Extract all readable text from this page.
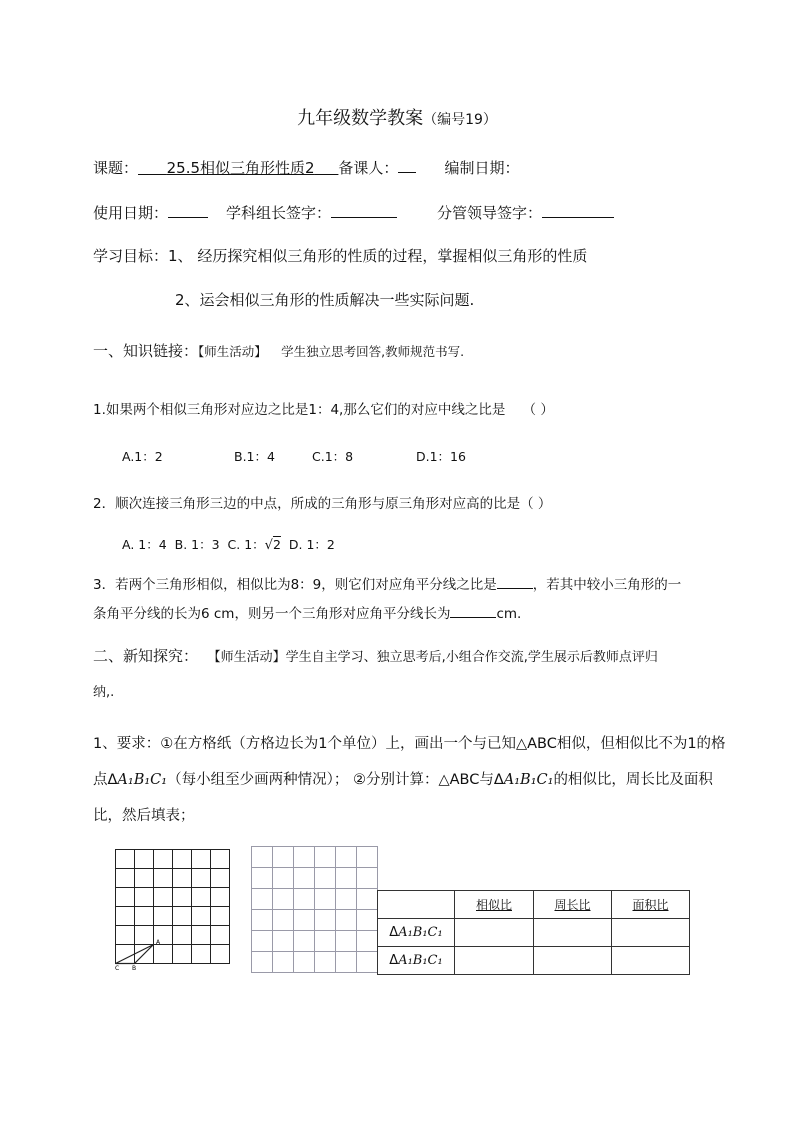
九年级数学教案（编号19）
课题： 25.5相似三角形性质2 备课人：	编制日期：
使用日期：	学科组长签字：	分管领导签字：
学习目标：1、 经历探究相似三角形的性质的过程，掌握相似三角形的性质
2、运会相似三角形的性质解决一些实际问题.
一、知识链接：【师生活动】 学生独立思考回答,教师规范书写.
1.如果两个相似三角形对应边之比是1：4,那么它们的对应中线之比是 （ ）
A.1：2	B.1：4	C.1：8	D.1：16
2．顺次连接三角形三边的中点，所成的三角形与原三角形对应高的比是（ ）
A. 1：4 B. 1：3 C. 1：√2 D. 1：2
3．若两个三角形相似，相似比为8：9，则它们对应角平分线之比是	，若其中较小三角形的一
条角平分线的长为6 cm，则另一个三角形对应角平分线长为	cm.
二、新知探究： 【师生活动】学生自主学习、独立思考后,小组合作交流,学生展示后教师点评归
纳,.
1、要求：①在方格纸（方格边长为1个单位）上，画出一个与已知△ABC相似，但相似比不为1的格
点ΔA₁B₁C₁（每小组至少画两种情况）； ②分别计算：△ABC与ΔA₁B₁C₁的相似比，周长比及面积
比，然后填表；
A
C B
	相似比	周长比	面积比
ΔA₁B₁C₁			
ΔA₁B₁C₁			
